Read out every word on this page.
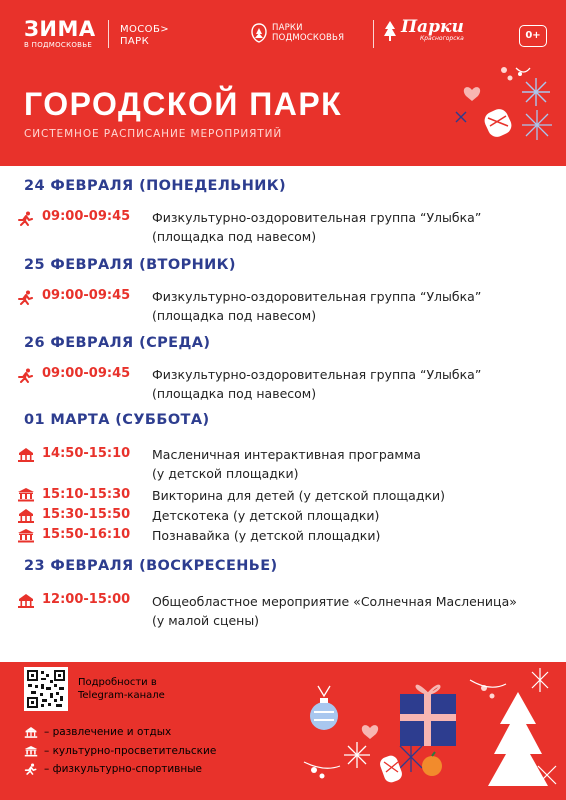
ЗИМА
В ПОДМОСКОВЬЕ
МОСОБ>
ПАРК
ПАРКИ
ПОДМОСКОВЬЯ
Парки
Красногорска	0+
ГОРОДСКОЙ ПАРК
СИСТЕМНОЕ РАСПИСАНИЕ МЕРОПРИЯТИЙ
24 ФЕВРАЛЯ (ПОНЕДЕЛЬНИК)
09:00-09:45 Физкультурно-оздоровительная группа “Улыбка”
(площадка под навесом)
25 ФЕВРАЛЯ (ВТОРНИК)
09:00-09:45 Физкультурно-оздоровительная группа “Улыбка”
(площадка под навесом)
26 ФЕВРАЛЯ (СРЕДА)
09:00-09:45 Физкультурно-оздоровительная группа “Улыбка”
(площадка под навесом)
01 МАРТА (СУББОТА)
14:50-15:10 Масленичная интерактивная программа
(у детской площадки)
15:10-15:30 Викторина для детей (у детской площадки)
15:30-15:50 Детскотека (у детской площадки)
15:50-16:10 Познавайка (у детской площадки)
23 ФЕВРАЛЯ (ВОСКРЕСЕНЬЕ)
12:00-15:00 Общеобластное мероприятие «Солнечная Масленица»
(у малой сцены)
Подробности в
Telegram-канале
– развлечение и отдых
– культурно-просветительские
– физкультурно-спортивные
